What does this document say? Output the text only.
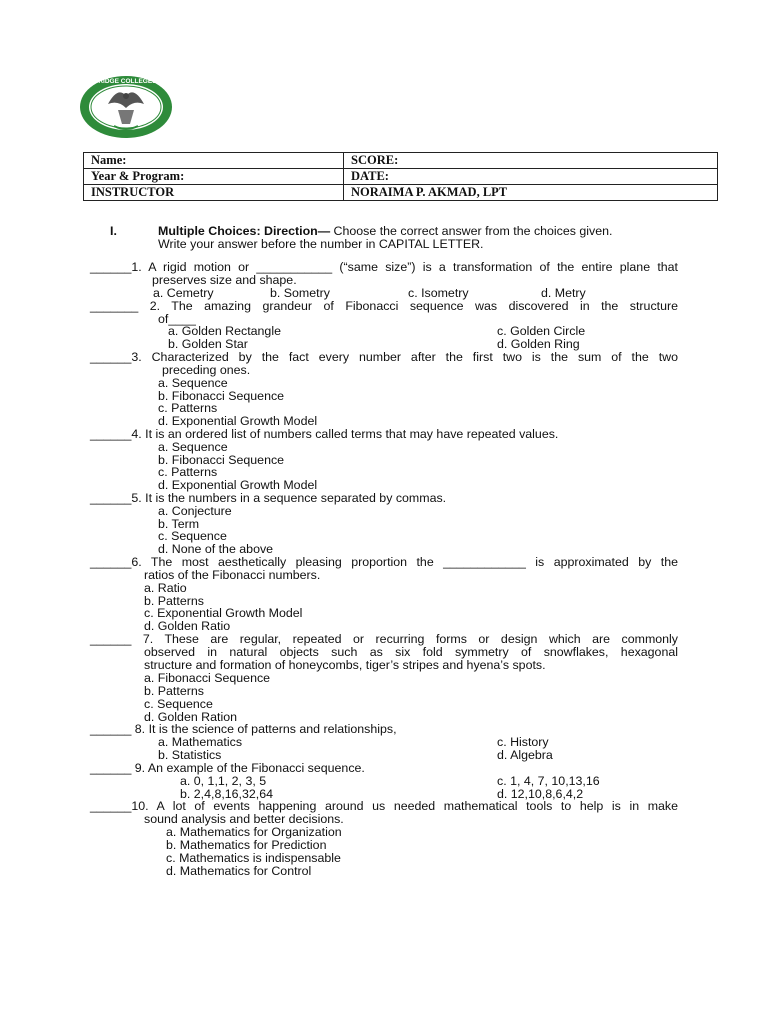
CAMBRIDGE COLLEGES, INC.
Name:	SCORE:
Year & Program:	DATE:
INSTRUCTOR	NORAIMA P. AKMAD, LPT
I.	Multiple Choices: Direction— Choose the correct answer from the choices given.
Write your answer before the number in CAPITAL LETTER.
______1. A rigid motion or ___________ (“same size”) is a transformation of the entire plane that
preserves size and shape.
a. Cemetry	b. Sometry	c. Isometry	d. Metry
_______ 2. The amazing grandeur of Fibonacci sequence was discovered in the structure
of____
a. Golden Rectangle
b. Golden Star
c. Golden Circle
d. Golden Ring
______3. Characterized by the fact every number after the first two is the sum of the two
preceding ones.
a. Sequence
b. Fibonacci Sequence
c. Patterns
d. Exponential Growth Model
______4. It is an ordered list of numbers called terms that may have repeated values.
a. Sequence
b. Fibonacci Sequence
c. Patterns
d. Exponential Growth Model
______5. It is the numbers in a sequence separated by commas.
a. Conjecture
b. Term
c. Sequence
d. None of the above
______6. The most aesthetically pleasing proportion the ____________ is approximated by the
ratios of the Fibonacci numbers.
a. Ratio
b. Patterns
c. Exponential Growth Model
d. Golden Ratio
______ 7. These are regular, repeated or recurring forms or design which are commonly
observed in natural objects such as six fold symmetry of snowflakes, hexagonal
structure and formation of honeycombs, tiger’s stripes and hyena’s spots.
a. Fibonacci Sequence
b. Patterns
c. Sequence
d. Golden Ration
______ 8. It is the science of patterns and relationships,
a. Mathematics
b. Statistics
c. History
d. Algebra
______ 9. An example of the Fibonacci sequence.
a. 0, 1,1, 2, 3, 5
b. 2,4,8,16,32,64
c. 1, 4, 7, 10,13,16
d. 12,10,8,6,4,2
______10. A lot of events happening around us needed mathematical tools to help is in make
sound analysis and better decisions.
a. Mathematics for Organization
b. Mathematics for Prediction
c. Mathematics is indispensable
d. Mathematics for Control
